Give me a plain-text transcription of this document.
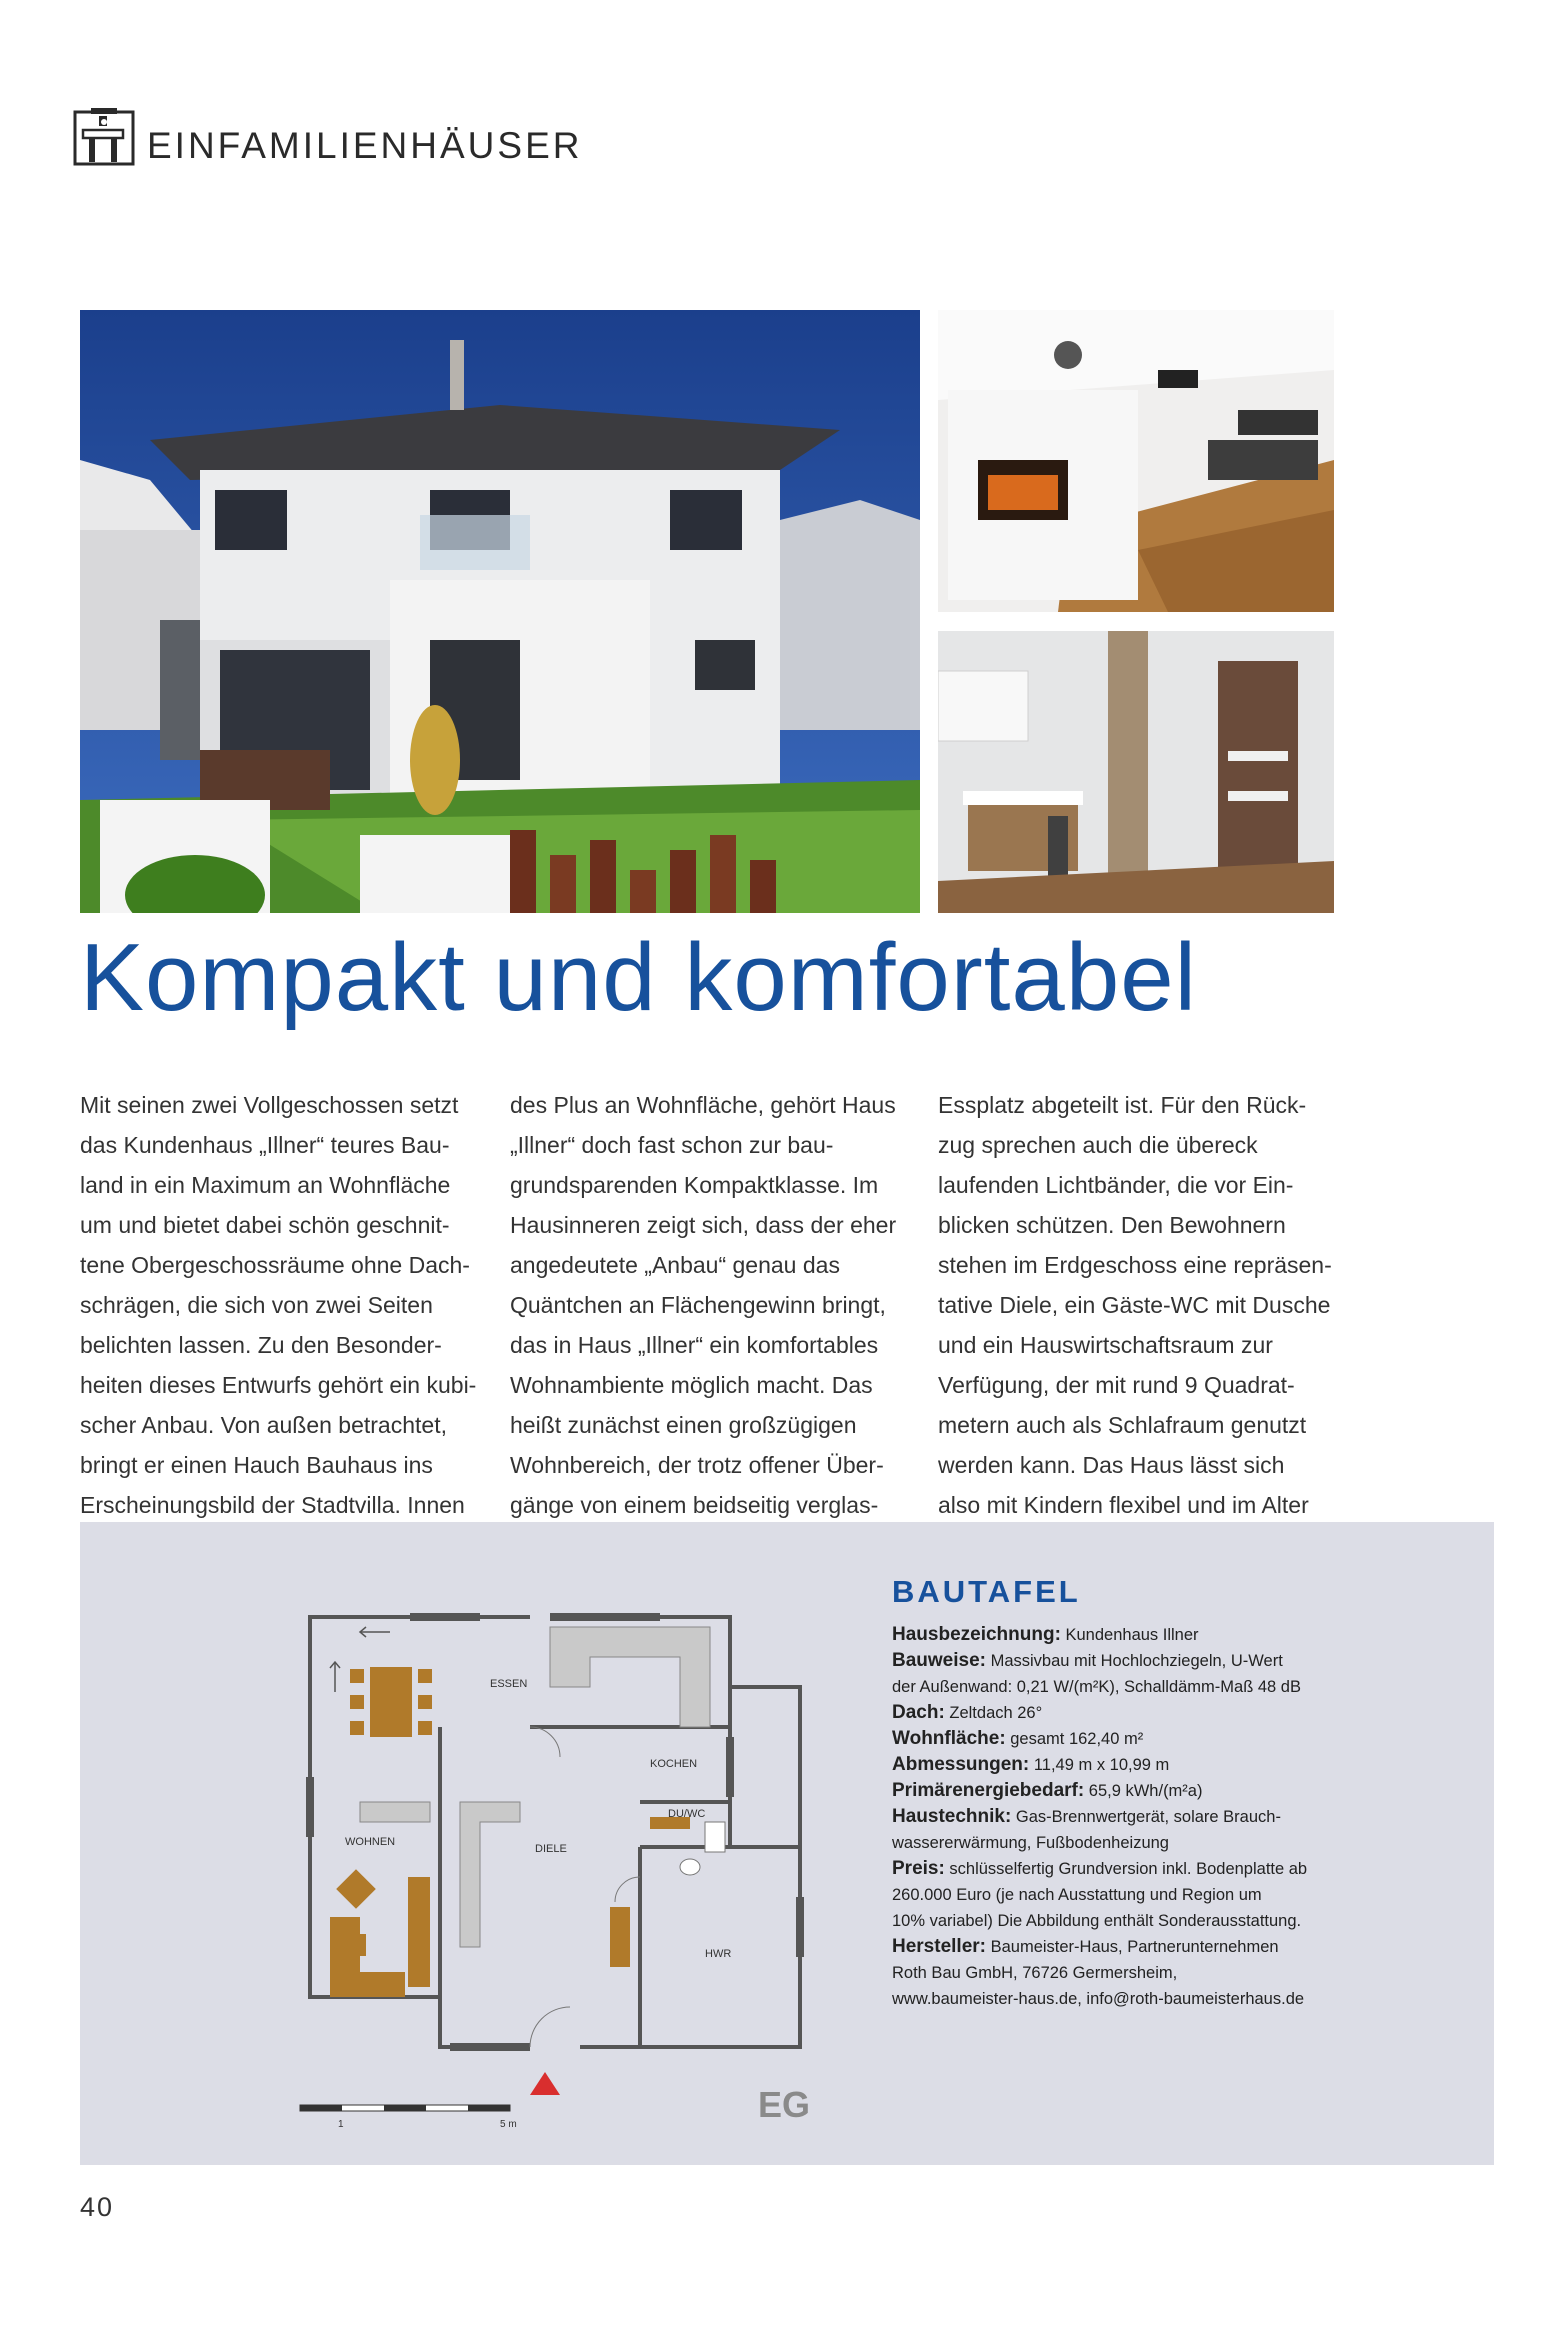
EINFAMILIENHÄUSER
Kompakt und komfortabel

Mit seinen zwei Vollgeschossen setzt

das Kundenhaus „Illner“ teures Bau-

land in ein Maximum an Wohnfläche

um und bietet dabei schön geschnit-

tene Obergeschossräume ohne Dach-

schrägen, die sich von zwei Seiten

belichten lassen. Zu den Besonder-

heiten dieses Entwurfs gehört ein kubi-

scher Anbau. Von außen betrachtet,

bringt er einen Hauch Bauhaus ins

Erscheinungsbild der Stadtvilla. Innen

des Plus an Wohnfläche, gehört Haus

„Illner“ doch fast schon zur bau-

grundsparenden Kompaktklasse. Im

Hausinneren zeigt sich, dass der eher

angedeutete „Anbau“ genau das

Quäntchen an Flächengewinn bringt,

das in Haus „Illner“ ein komfortables

Wohnambiente möglich macht. Das

heißt zunächst einen großzügigen

Wohnbereich, der trotz offener Über-

gänge von einem beidseitig verglas-

Essplatz abgeteilt ist. Für den Rück-

zug sprechen auch die übereck

laufenden Lichtbänder, die vor Ein-

blicken schützen. Den Bewohnern

stehen im Erdgeschoss eine repräsen-

tative Diele, ein Gäste-WC mit Dusche

und ein Hauswirtschaftsraum zur

Verfügung, der mit rund 9 Quadrat-

metern auch als Schlafraum genutzt

werden kann. Das Haus lässt sich

also mit Kindern flexibel und im Alter

ESSEN
KOCHEN
WOHNEN
DIELE
DU/WC
HWR
EG
1	5 m
BAUTAFEL
Hausbezeichnung: Kundenhaus Illner
Bauweise: Massivbau mit Hochlochziegeln, U-Wert
der Außenwand: 0,21 W/(m²K), Schalldämm-Maß 48 dB
Dach: Zeltdach 26°
Wohnfläche: gesamt 162,40 m²
Abmessungen: 11,49 m x 10,99 m
Primärenergiebedarf: 65,9 kWh/(m²a)
Haustechnik: Gas-Brennwertgerät, solare Brauch-
wassererwärmung, Fußbodenheizung
Preis: schlüsselfertig Grundversion inkl. Bodenplatte ab
260.000 Euro (je nach Ausstattung und Region um
10% variabel) Die Abbildung enthält Sonderausstattung.
Hersteller: Baumeister-Haus, Partnerunternehmen
Roth Bau GmbH, 76726 Germersheim,
www.baumeister-haus.de, info@roth-baumeisterhaus.de
40
